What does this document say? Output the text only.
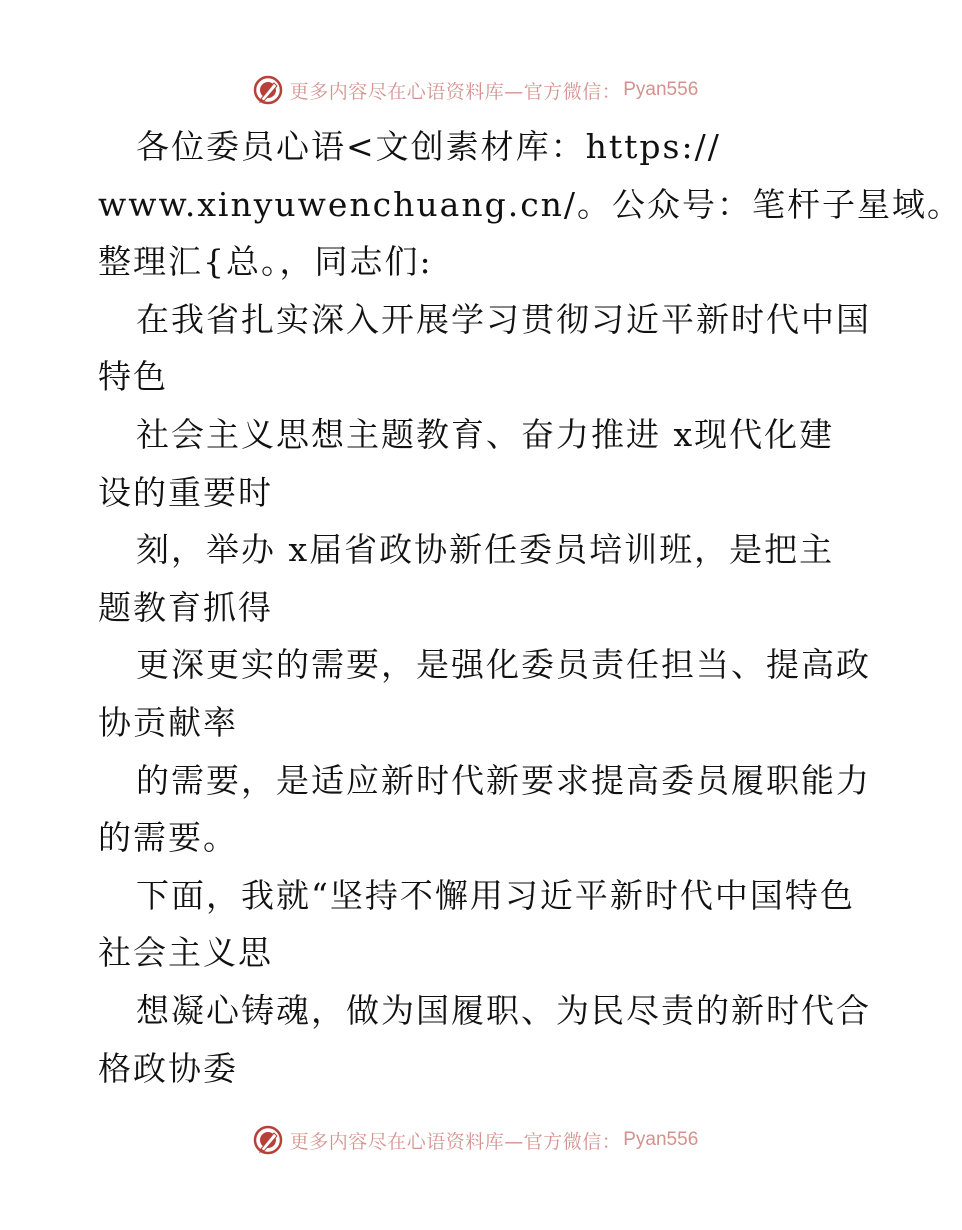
更多内容尽在心语资料库—官方微信： Pyan556
各位委员心语<文创素材库：https://
www.xinyuwenchuang.cn/。公众号：笔杆子星域。
整理汇{总。，同志们:
在我省扎实深入开展学习贯彻习近平新时代中国
特色
社会主义思想主题教育、奋力推进 x现代化建
设的重要时
刻，举办 x届省政协新任委员培训班，是把主
题教育抓得
更深更实的需要，是强化委员责任担当、提高政
协贡献率
的需要，是适应新时代新要求提高委员履职能力
的需要。
下面，我就“坚持不懈用习近平新时代中国特色
社会主义思
想凝心铸魂，做为国履职、为民尽责的新时代合
格政协委
更多内容尽在心语资料库—官方微信： Pyan556
